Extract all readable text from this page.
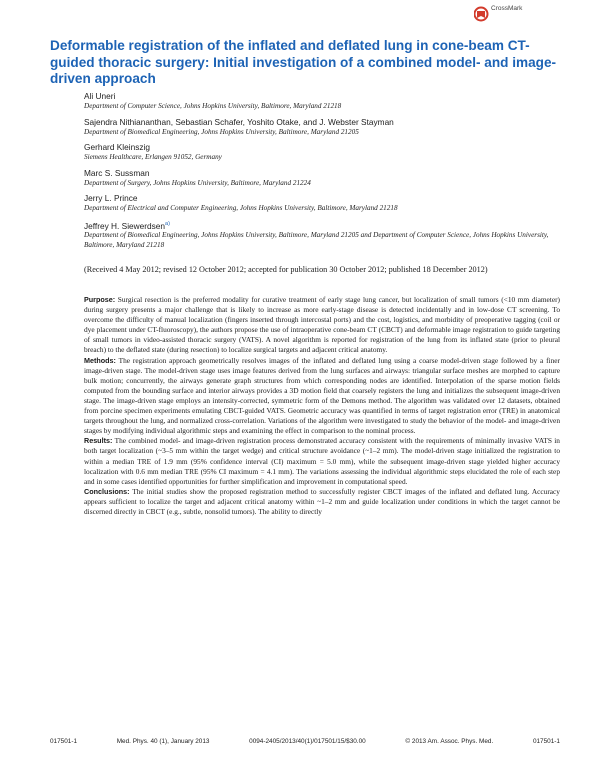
CrossMark
Deformable registration of the inflated and deflated lung in cone-beam CT-guided thoracic surgery: Initial investigation of a combined model- and image-driven approach
Ali Uneri
Department of Computer Science, Johns Hopkins University, Baltimore, Maryland 21218
Sajendra Nithiananthan, Sebastian Schafer, Yoshito Otake, and J. Webster Stayman
Department of Biomedical Engineering, Johns Hopkins University, Baltimore, Maryland 21205
Gerhard Kleinszig
Siemens Healthcare, Erlangen 91052, Germany
Marc S. Sussman
Department of Surgery, Johns Hopkins University, Baltimore, Maryland 21224
Jerry L. Prince
Department of Electrical and Computer Engineering, Johns Hopkins University, Baltimore, Maryland 21218
Jeffrey H. Siewerdsen$^{a)}$
Department of Biomedical Engineering, Johns Hopkins University, Baltimore, Maryland 21205 and Department of Computer Science, Johns Hopkins University, Baltimore, Maryland 21218
(Received 4 May 2012; revised 12 October 2012; accepted for publication 30 October 2012; published 18 December 2012)

Purpose: Surgical resection is the preferred modality for curative treatment of early stage lung cancer, but localization of small tumors (<10 mm diameter) during surgery presents a major challenge that is likely to increase as more early-stage disease is detected incidentally and in low-dose CT screening. To overcome the difficulty of manual localization (fingers inserted through intercostal ports) and the cost, logistics, and morbidity of preoperative tagging (coil or dye placement under CT-fluoroscopy), the authors propose the use of intraoperative cone-beam CT (CBCT) and deformable image registration to guide targeting of small tumors in video-assisted thoracic surgery (VATS). A novel algorithm is reported for registration of the lung from its inflated state (prior to pleural breach) to the deflated state (during resection) to localize surgical targets and adjacent critical anatomy.

Methods: The registration approach geometrically resolves images of the inflated and deflated lung using a coarse model-driven stage followed by a finer image-driven stage. The model-driven stage uses image features derived from the lung surfaces and airways: triangular surface meshes are morphed to capture bulk motion; concurrently, the airways generate graph structures from which corresponding nodes are identified. Interpolation of the sparse motion fields computed from the bounding surface and interior airways provides a 3D motion field that coarsely registers the lung and initializes the subsequent image-driven stage. The image-driven stage employs an intensity-corrected, symmetric form of the Demons method. The algorithm was validated over 12 datasets, obtained from porcine specimen experiments emulating CBCT-guided VATS. Geometric accuracy was quantified in terms of target registration error (TRE) in anatomical targets throughout the lung, and normalized cross-correlation. Variations of the algorithm were investigated to study the behavior of the model- and image-driven stages by modifying individual algorithmic steps and examining the effect in comparison to the nominal process.

Results: The combined model- and image-driven registration process demonstrated accuracy consistent with the requirements of minimally invasive VATS in both target localization (~3–5 mm within the target wedge) and critical structure avoidance (~1–2 mm). The model-driven stage initialized the registration to within a median TRE of 1.9 mm (95% confidence interval (CI) maximum = 5.0 mm), while the subsequent image-driven stage yielded higher accuracy localization with 0.6 mm median TRE (95% CI maximum = 4.1 mm). The variations assessing the individual algorithmic steps elucidated the role of each step and in some cases identified opportunities for further simplification and improvement in computational speed.

Conclusions: The initial studies show the proposed registration method to successfully register CBCT images of the inflated and deflated lung. Accuracy appears sufficient to localize the target and adjacent critical anatomy within ~1–2 mm and guide localization under conditions in which the target cannot be discerned directly in CBCT (e.g., subtle, nonsolid tumors). The ability to directly

017501-1	Med. Phys. 40 (1), January 2013	0094-2405/2013/40(1)/017501/15/$30.00	© 2013 Am. Assoc. Phys. Med.	017501-1
